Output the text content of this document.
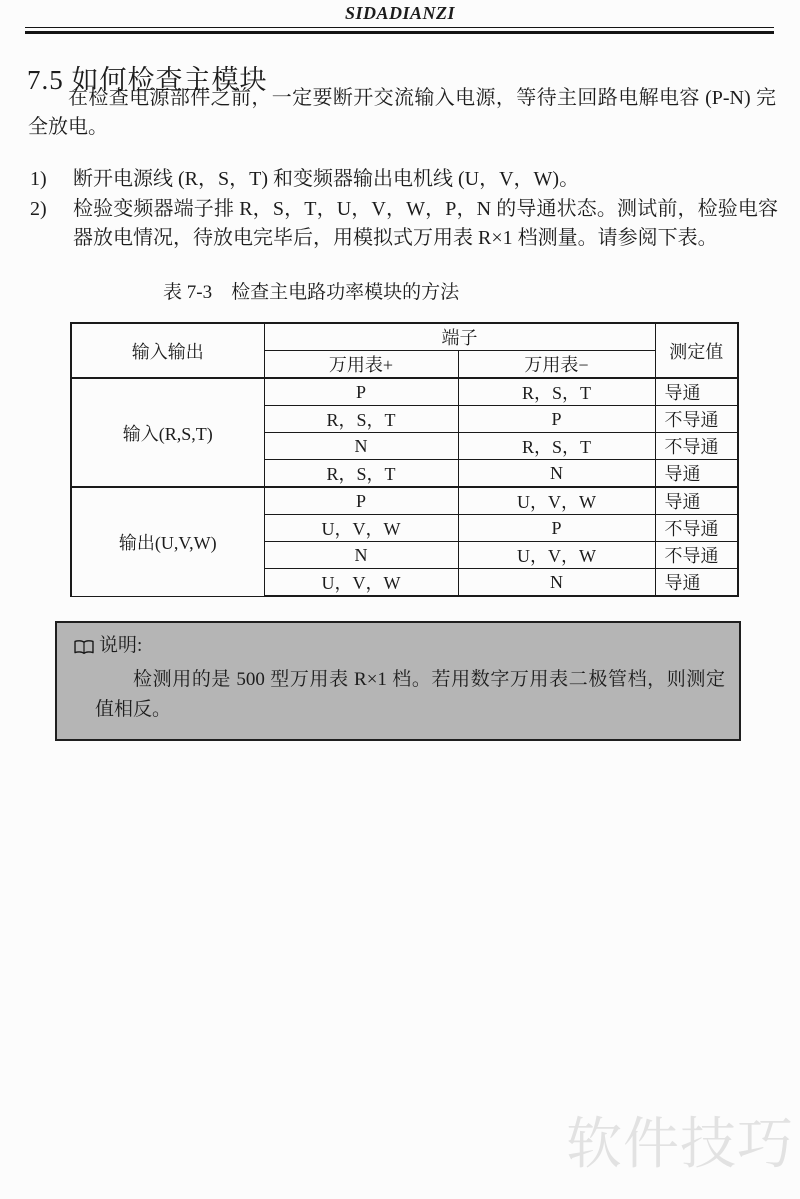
SIDADIANZI
7.5 如何检查主模块

在检查电源部件之前，一定要断开交流输入电源，等待主回路电解电容 (P-N) 完全放电。

1)	断开电源线 (R，S，T) 和变频器输出电机线 (U，V，W)。
2)	检验变频器端子排 R，S，T，U，V，W，P，N 的导通状态。测试前，检验电容器放电情况，待放电完毕后，用模拟式万用表 R×1 档测量。请参阅下表。
表 7-3　检查主电路功率模块的方法
输入输出	端子		测定值
	万用表+	万用表−	
输入(R,S,T)	P	R，S，T	导通
	R，S，T	P	不导通
	N	R，S，T	不导通
	R，S，T	N	导通
输出(U,V,W)	P	U，V，W	导通
	U，V，W	P	不导通
	N	U，V，W	不导通
	U，V，W	N	导通
说明:

检测用的是 500 型万用表 R×1 档。若用数字万用表二极管档，则测定值相反。

软件技巧
